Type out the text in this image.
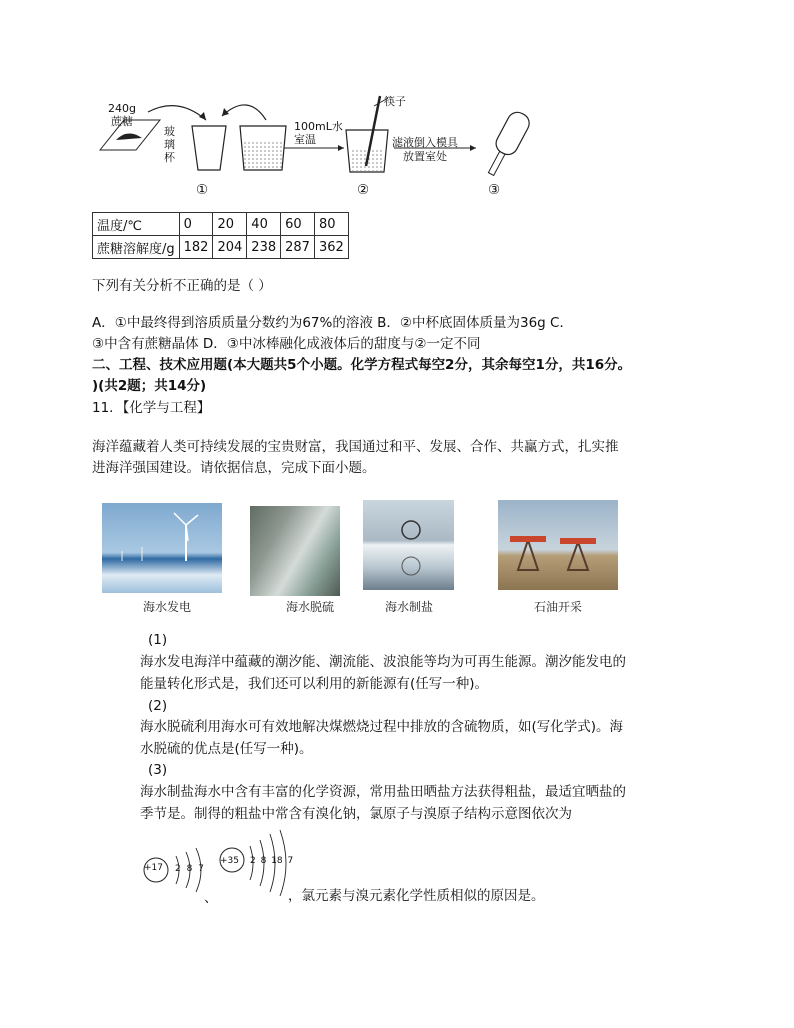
240g
蔗糖
玻
璃
杯
100mL水
室温
筷子
滤液倒入模具
放置室处
①	②	③
温度/℃	0	20	40	60	80
蔗糖溶解度/g	182	204	238	287	362
下列有关分析不正确的是（ ）
A．①中最终得到溶质质量分数约为67%的溶液 B．②中杯底固体质量为36g C．
③中含有蔗糖晶体 D．③中冰棒融化成液体后的甜度与②一定不同
二、工程、技术应用题(本大题共5个小题。化学方程式每空2分，其余每空1分，共16分。
)(共2题；共14分)
11．【化学与工程】
海洋蕴藏着人类可持续发展的宝贵财富，我国通过和平、发展、合作、共赢方式，扎实推
进海洋强国建设。请依据信息，完成下面小题。
海水发电	海水脱硫	海水制盐	石油开采
(1)
海水发电海洋中蕴藏的潮汐能、潮流能、波浪能等均为可再生能源。潮汐能发电的
能量转化形式是，我们还可以利用的新能源有(任写一种)。
(2)
海水脱硫利用海水可有效地解决煤燃烧过程中排放的含硫物质，如(写化学式)。海
水脱硫的优点是(任写一种)。
(3)
海水制盐海水中含有丰富的化学资源，常用盐田晒盐方法获得粗盐，最适宜晒盐的
季节是。制得的粗盐中常含有溴化钠，氯原子与溴原子结构示意图依次为
+17 2 8 7
+35 2 8 18 7
、	，氯元素与溴元素化学性质相似的原因是。
